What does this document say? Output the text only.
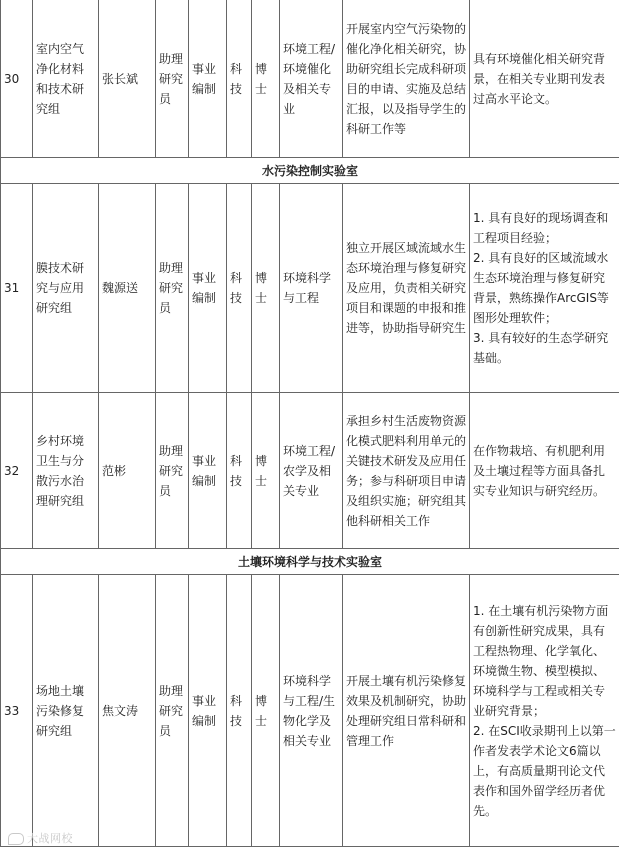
30	室内空气净化材料和技术研究组	张长斌	助理研究员	事业编制	科技	博士	环境工程/环境催化及相关专业	开展室内空气污染物的催化净化相关研究，协助研究组长完成科研项目的申请、实施及总结汇报，以及指导学生的科研工作等	具有环境催化相关研究背景，在相关专业期刊发表过高水平论文。

水污染控制实验室									
31	膜技术研究与应用研究组	魏源送	助理研究员	事业编制	科技	博士	环境科学与工程	独立开展区域流域水生态环境治理与修复研究及应用，负责相关研究项目和课题的申报和推进等，协助指导研究生	1. 具有良好的现场调查和工程项目经验；
2. 具有良好的区域流域水生态环境治理与修复研究背景，熟练操作ArcGIS等图形处理软件；
3. 具有较好的生态学研究基础。

32	乡村环境卫生与分散污水治理研究组	范彬	助理研究员	事业编制	科技	博士	环境工程/农学及相关专业	承担乡村生活废物资源化模式肥料利用单元的关键技术研发及应用任务；参与科研项目申请及组织实施；研究组其他科研相关工作	在作物栽培、有机肥利用及土壤过程等方面具备扎实专业知识与研究经历。

土壤环境科学与技术实验室									
33	场地土壤污染修复研究组	焦文涛	助理研究员	事业编制	科技	博士	环境科学与工程/生物化学及相关专业	开展土壤有机污染修复效果及机制研究，协助处理研究组日常科研和管理工作	1. 在土壤有机污染物方面有创新性研究成果，具有工程热物理、化学氧化、环境微生物、模型模拟、环境科学与工程或相关专业研究背景；
2. 在SCI收录期刊上以第一作者发表学术论文6篇以上，有高质量期刊论文代表作和国外留学经历者优先。
大战网校
